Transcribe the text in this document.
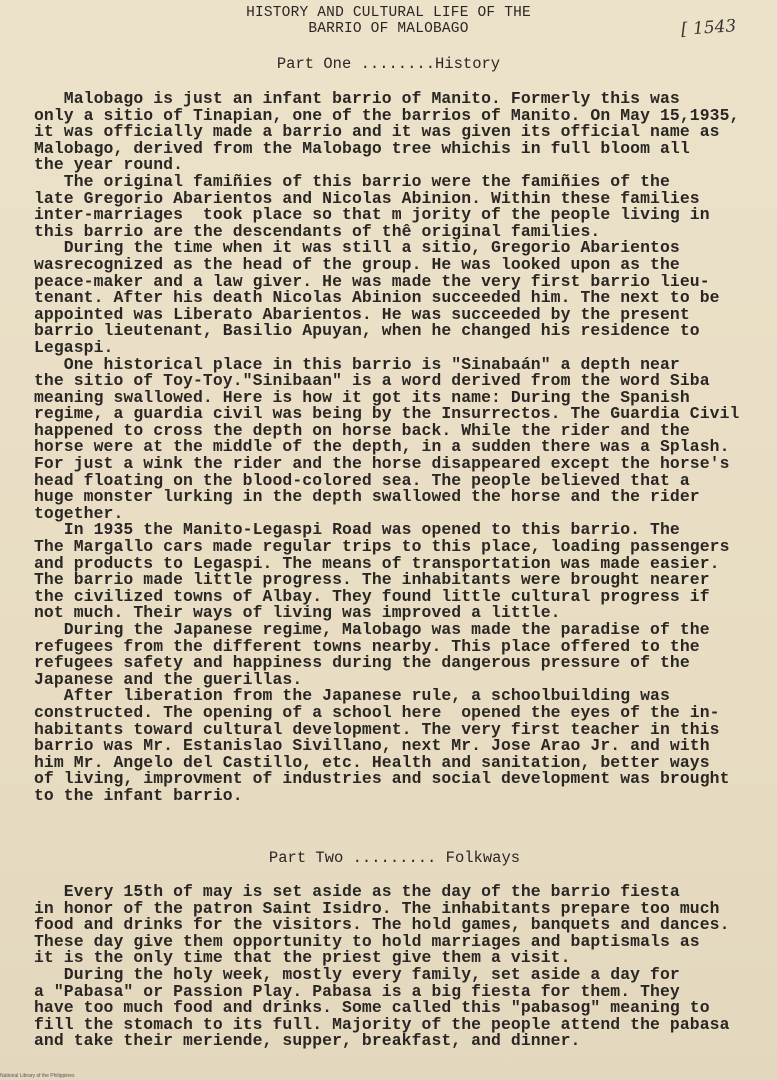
HISTORY AND CULTURAL LIFE OF THE
BARRIO OF MALOBAGO	[ 1543
Part One ........History
Malobago is just an infant barrio of Manito. Formerly this was
only a sitio of Tinapian, one of the barrios of Manito. On May 15,1935,
it was officially made a barrio and it was given its official name as
Malobago, derived from the Malobago tree whichis in full bloom all
the year round.
The original famiñies of this barrio were the famiñies of the
late Gregorio Abarientos and Nicolas Abinion. Within these families
inter-marriages  took place so that m jority of the people living in
this barrio are the descendants of thê original families.
During the time when it was still a sitio, Gregorio Abarientos
wasrecognized as the head of the group. He was looked upon as the
peace-maker and a law giver. He was made the very first barrio lieu-
tenant. After his death Nicolas Abinion succeeded him. The next to be
appointed was Liberato Abarientos. He was succeeded by the present
barrio lieutenant, Basilio Apuyan, when he changed his residence to
Legaspi.
One historical place in this barrio is "Sinabaán" a depth near
the sitio of Toy-Toy."Sinibaan" is a word derived from the word Siba
meaning swallowed. Here is how it got its name: During the Spanish
regime, a guardia civil was being by the Insurrectos. The Guardia Civil
happened to cross the depth on horse back. While the rider and the
horse were at the middle of the depth, in a sudden there was a Splash.
For just a wink the rider and the horse disappeared except the horse's
head floating on the blood-colored sea. The people believed that a
huge monster lurking in the depth swallowed the horse and the rider
together.
In 1935 the Manito-Legaspi Road was opened to this barrio. The
The Margallo cars made regular trips to this place, loading passengers
and products to Legaspi. The means of transportation was made easier.
The barrio made little progress. The inhabitants were brought nearer
the civilized towns of Albay. They found little cultural progress if
not much. Their ways of living was improved a little.
During the Japanese regime, Malobago was made the paradise of the
refugees from the different towns nearby. This place offered to the
refugees safety and happiness during the dangerous pressure of the
Japanese and the guerillas.
After liberation from the Japanese rule, a schoolbuilding was
constructed. The opening of a school here  opened the eyes of the in-
habitants toward cultural development. The very first teacher in this
barrio was Mr. Estanislao Sivillano, next Mr. Jose Arao Jr. and with
him Mr. Angelo del Castillo, etc. Health and sanitation, better ways
of living, improvment of industries and social development was brought
to the infant barrio.
Part Two ......... Folkways
Every 15th of may is set aside as the day of the barrio fiesta
in honor of the patron Saint Isidro. The inhabitants prepare too much
food and drinks for the visitors. The hold games, banquets and dances.
These day give them opportunity to hold marriages and baptismals as
it is the only time that the priest give them a visit.
During the holy week, mostly every family, set aside a day for
a "Pabasa" or Passion Play. Pabasa is a big fiesta for them. They
have too much food and drinks. Some called this "pabasog" meaning to
fill the stomach to its full. Majority of the people attend the pabasa
and take their meriende, supper, breakfast, and dinner.
National Library of the Philippines
